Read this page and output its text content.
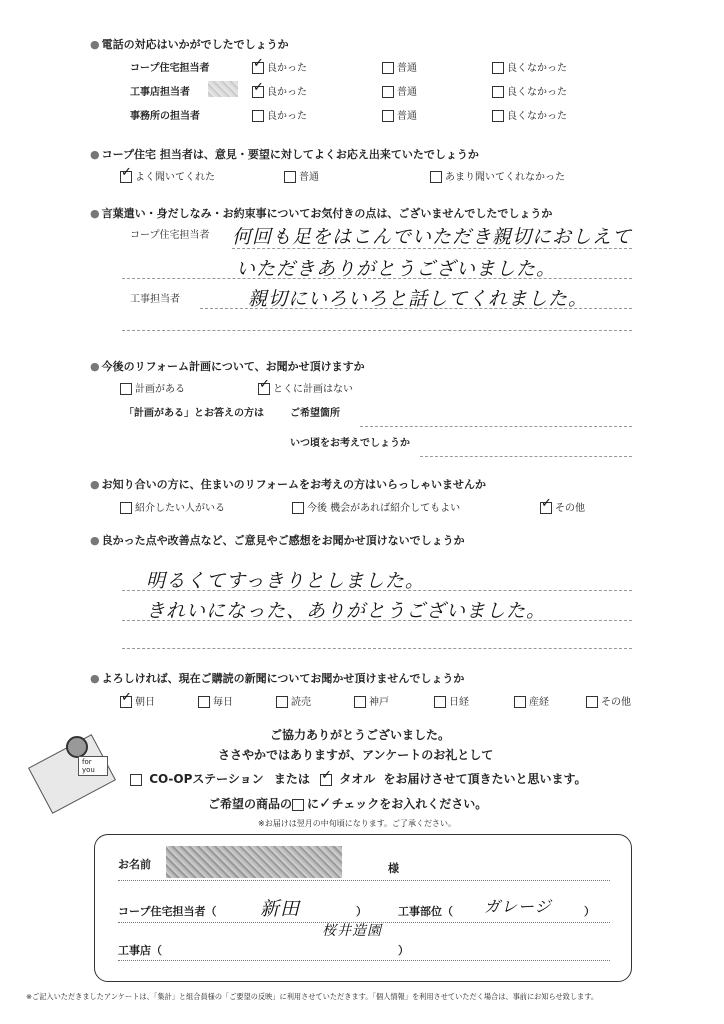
● 電話の対応はいかがでしたでしょうか
コープ住宅担当者 ✓	良かった	普通	良くなかった
工事店担当者 ✓	良かった	普通	良くなかった
事務所の担当者	良かった	普通	良くなかった
● コープ住宅 担当者は、意見・要望に対してよくお応え出来ていたでしょうか
✓よく聞いてくれた	普通	あまり聞いてくれなかった
● 言葉遣い・身だしなみ・お約束事についてお気付きの点は、ございませんでしたでしょうか
コープ住宅担当者 何回も足をはこんでいただき親切におしえて
いただきありがとうございました。
工事担当者	親切にいろいろと話してくれました。
● 今後のリフォーム計画について、お聞かせ頂けますか
計画がある ✓	とくに計画はない
「計画がある」とお答えの方は	ご希望箇所
いつ頃をお考えでしょうか
● お知り合いの方に、住まいのリフォームをお考えの方はいらっしゃいませんか
紹介したい人がいる	今後 機会があれば紹介してもよい ✓	その他
● 良かった点や改善点など、ご意見やご感想をお聞かせ頂けないでしょうか
明るくてすっきりとしました。
きれいになった、ありがとうございました。
● よろしければ、現在ご購読の新聞についてお聞かせ頂けませんでしょうか
✓朝日	毎日	読売	神戸	日経	産経	その他
for you
ご協力ありがとうございました。
ささやかではありますが、アンケートのお礼として
CO-OPステーション または ✓ タオル をお届けさせて頂きたいと思います。
ご希望の商品の に✓チェックをお入れください。
※お届けは翌月の中旬頃になります。ご了承ください。
お名前	様
コープ住宅担当者（ 新田	）	工事部位（ ガレージ	）
桜井造園
工事店（	）
※ご記入いただきましたアンケートは、「集計」と組合員様の「ご要望の反映」に利用させていただきます。「個人情報」を利用させていただく場合は、事前にお知らせ致します。
